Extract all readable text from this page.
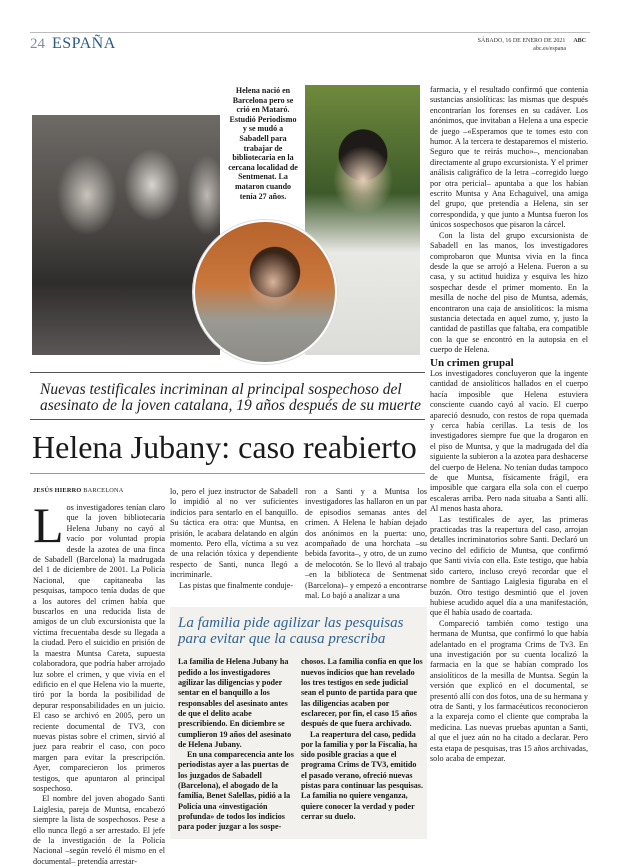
24 ESPAÑA	SÁBADO, 16 DE ENERO DE 2021 ABC
abc.es/espana
Helena nació en Barcelona pero se crió en Mataró. Estudió Periodismo y se mudó a Sabadell para trabajar de bibliotecaria en la cercana localidad de Sentmenat. La mataron cuando tenía 27 años.
Nuevas testificales incriminan al principal sospechoso del asesinato de la joven catalana, 19 años después de su muerte
Helena Jubany: caso reabierto
JESÚS HIERRO BARCELONA

Los investigadores tenían claro que la joven bibliotecaria Helena Jubany no cayó al vacío por voluntad propia desde la azotea de una finca de Sabadell (Barcelona) la madrugada del 1 de diciembre de 2001. La Policía Nacional, que capitaneaba las pesquisas, tampoco tenía dudas de que a los autores del crimen había que buscarlos en una reducida lista de amigos de un club excursionista que la víctima frecuentaba desde su llegada a la ciudad. Pero el suicidio en prisión de la maestra Muntsa Careta, supuesta colaboradora, que podría haber arrojado luz sobre el crimen, y que vivía en el edificio en el que Helena vio la muerte, tiró por la borda la posibilidad de depurar responsabilidades en un juicio. El caso se archivó en 2005, pero un reciente documental de TV3, con nuevas pistas sobre el crimen, sirvió al juez para reabrir el caso, con poco margen para evitar la prescripción. Ayer, comparecieron los primeros testigos, que apuntaron al principal sospechoso.

El nombre del joven abogado Santi Laiglesia, pareja de Muntsa, encabezó siempre la lista de sospechosos. Pese a ello nunca llegó a ser arrestado. El jefe de la investigación de la Policía Nacional –según reveló él mismo en el documental– pretendía arrestar-

lo, pero el juez instructor de Sabadell lo impidió al no ver suficientes indicios para sentarlo en el banquillo. Su táctica era otra: que Muntsa, en prisión, le acabara delatando en algún momento. Pero ella, víctima a su vez de una relación tóxica y dependiente respecto de Santi, nunca llegó a incriminarle.

Las pistas que finalmente conduje-

ron a Santi y a Muntsa los investigadores las hallaron en un par de episodios semanas antes del crimen. A Helena le habían dejado dos anónimos en la puerta: uno, acompañado de una horchata –su bebida favorita–, y otro, de un zumo de melocotón. Se lo llevó al trabajo –en la biblioteca de Sentmenat (Barcelona)– y empezó a encontrarse mal. Lo bajó a analizar a una

La familia pide agilizar las pesquisas para evitar que la causa prescriba

La familia de Helena Jubany ha pedido a los investigadores agilizar las diligencias y poder sentar en el banquillo a los responsables del asesinato antes de que el delito acabe prescribiendo. En diciembre se cumplieron 19 años del asesinato de Helena Jubany.

En una comparecencia ante los periodistas ayer a las puertas de los juzgados de Sabadell (Barcelona), el abogado de la familia, Benet Salellas, pidió a la Policía una «investigación profunda» de todos los indicios para poder juzgar a los sospe-

chosos. La familia confía en que los nuevos indicios que han revelado los tres testigos en sede judicial sean el punto de partida para que las diligencias acaben por esclarecer, por fin, el caso 15 años después de que fuera archivado.

La reapertura del caso, pedida por la familia y por la Fiscalía, ha sido posible gracias a que el programa Crims de TV3, emitido el pasado verano, ofreció nuevas pistas para continuar las pesquisas. La familia no quiere venganza, quiere conocer la verdad y poder cerrar su duelo.

farmacia, y el resultado confirmó que contenía sustancias ansiolíticas: las mismas que después encontrarían los forenses en su cadáver. Los anónimos, que invitaban a Helena a una especie de juego –«Esperamos que te tomes esto con humor. A la tercera te destaparemos el misterio. Seguro que te reirás mucho»–, mencionaban directamente al grupo excursionista. Y el primer análisis caligráfico de la letra –corregido luego por otra pericial– apuntaba a que los habían escrito Muntsa y Ana Echaguivel, una amiga del grupo, que pretendía a Helena, sin ser correspondida, y que junto a Muntsa fueron los únicos sospechosos que pisaron la cárcel.

Con la lista del grupo excursionista de Sabadell en las manos, los investigadores comprobaron que Muntsa vivía en la finca desde la que se arrojó a Helena. Fueron a su casa, y su actitud huidiza y esquiva les hizo sospechar desde el primer momento. En la mesilla de noche del piso de Muntsa, además, encontraron una caja de ansiolíticos: la misma sustancia detectada en aquel zumo, y, justo la cantidad de pastillas que faltaba, era compatible con la que se encontró en la autopsia en el cuerpo de Helena.

Un crimen grupal

Los investigadores concluyeron que la ingente cantidad de ansiolíticos hallados en el cuerpo hacía imposible que Helena estuviera consciente cuando cayó al vacío. El cuerpo apareció desnudo, con restos de ropa quemada y cerca había cerillas. La tesis de los investigadores siempre fue que la drogaron en el piso de Muntsa, y que la madrugada del día siguiente la subieron a la azotea para deshacerse del cuerpo de Helena. No tenían dudas tampoco de que Muntsa, físicamente frágil, era imposible que cargara ella sola con el cuerpo escaleras arriba. Pero nada situaba a Santi allí. Al menos hasta ahora.

Las testificales de ayer, las primeras practicadas tras la reapertura del caso, arrojan detalles incriminatorios sobre Santi. Declaró un vecino del edificio de Muntsa, que confirmó que Santi vivía con ella. Este testigo, que había sido cartero, incluso creyó recordar que el nombre de Santiago Laiglesia figuraba en el buzón. Otro testigo desmintió que el joven hubiese acudido aquel día a una manifestación, que él había usado de coartada.

Compareció también como testigo una hermana de Muntsa, que confirmó lo que había adelantado en el programa Crims de Tv3. En una investigación por su cuenta localizó la farmacia en la que se habían comprado los ansiolíticos de la mesilla de Muntsa. Según la versión que explicó en el documental, se presentó allí con dos fotos, una de su hermana y otra de Santi, y los farmacéuticos reconocieron a la expareja como el cliente que compraba la medicina. Las nuevas pruebas apuntan a Santi, al que el juez aún no ha citado a declarar. Pero esta etapa de pesquisas, tras 15 años archivadas, solo acaba de empezar.
